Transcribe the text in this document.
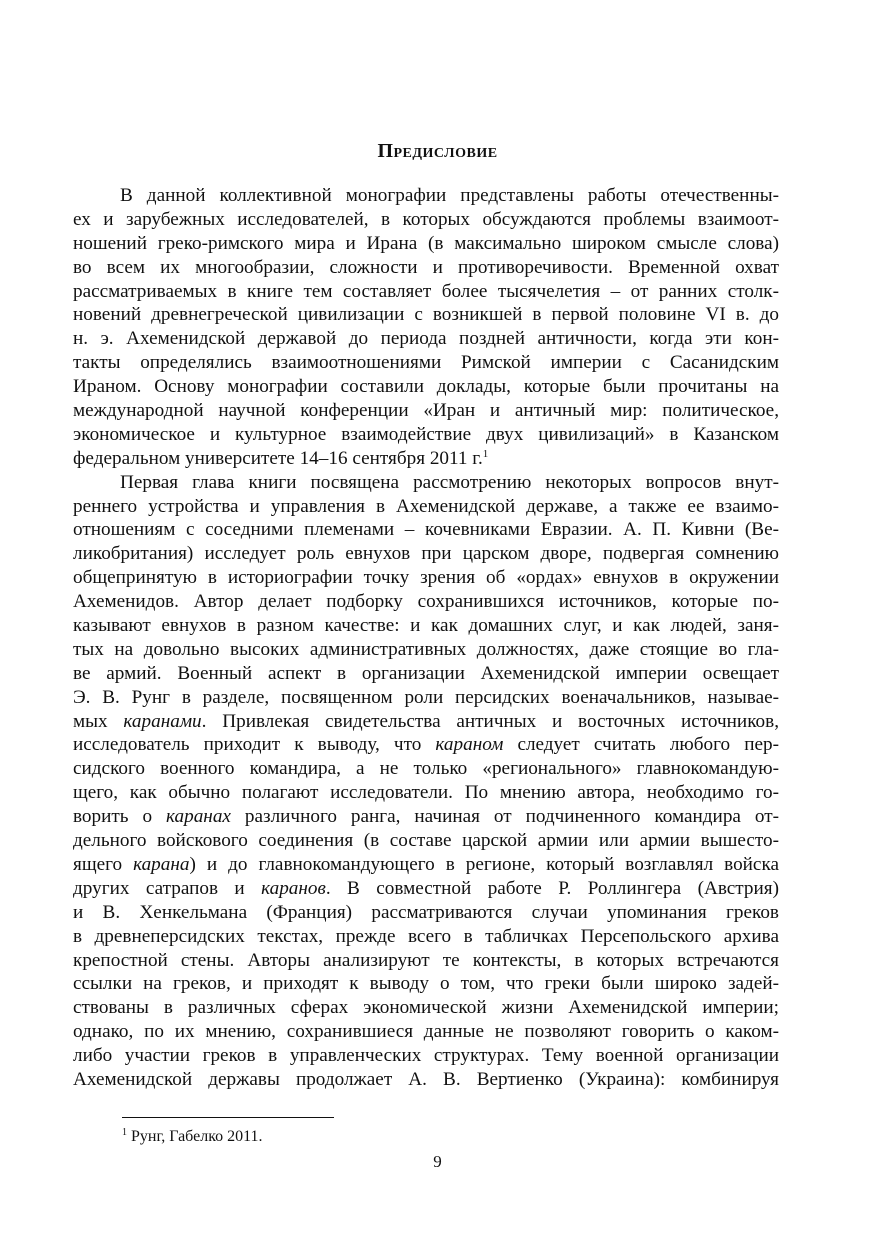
Предисловие
В данной коллективной монографии представлены работы отечественны-
ех и зарубежных исследователей, в которых обсуждаются проблемы взаимоот-
ношений греко-римского мира и Ирана (в максимально широком смысле слова)
во всем их многообразии, сложности и противоречивости. Временной охват
рассматриваемых в книге тем составляет более тысячелетия – от ранних столк-
новений древнегреческой цивилизации с возникшей в первой половине VI в. до
н. э. Ахеменидской державой до периода поздней античности, когда эти кон-
такты определялись взаимоотношениями Римской империи с Сасанидским
Ираном. Основу монографии составили доклады, которые были прочитаны на
международной научной конференции «Иран и античный мир: политическое,
экономическое и культурное взаимодействие двух цивилизаций» в Казанском
федеральном университете 14–16 сентября 2011 г.$^1$
Первая глава книги посвящена рассмотрению некоторых вопросов внут-
реннего устройства и управления в Ахеменидской державе, а также ее взаимо-
отношениям с соседними племенами – кочевниками Евразии. А. П. Кивни (Ве-
ликобритания) исследует роль евнухов при царском дворе, подвергая сомнению
общепринятую в историографии точку зрения об «ордах» евнухов в окружении
Ахеменидов. Автор делает подборку сохранившихся источников, которые по-
казывают евнухов в разном качестве: и как домашних слуг, и как людей, заня-
тых на довольно высоких административных должностях, даже стоящие во гла-
ве армий. Военный аспект в организации Ахеменидской империи освещает
Э. В. Рунг в разделе, посвященном роли персидских военачальников, называе-
мых каранами. Привлекая свидетельства античных и восточных источников,
исследователь приходит к выводу, что караном следует считать любого пер-
сидского военного командира, а не только «регионального» главнокомандую-
щего, как обычно полагают исследователи. По мнению автора, необходимо го-
ворить о каранах различного ранга, начиная от подчиненного командира от-
дельного войскового соединения (в составе царской армии или армии вышесто-
ящего карана) и до главнокомандующего в регионе, который возглавлял войска
других сатрапов и каранов. В совместной работе Р. Роллингера (Австрия)
и В. Хенкельмана (Франция) рассматриваются случаи упоминания греков
в древнеперсидских текстах, прежде всего в табличках Персепольского архива
крепостной стены. Авторы анализируют те контексты, в которых встречаются
ссылки на греков, и приходят к выводу о том, что греки были широко задей-
ствованы в различных сферах экономической жизни Ахеменидской империи;
однако, по их мнению, сохранившиеся данные не позволяют говорить о каком-
либо участии греков в управленческих структурах. Тему военной организации
Ахеменидской державы продолжает А. В. Вертиенко (Украина): комбинируя

$^1$ Рунг, Габелко 2011.

9
